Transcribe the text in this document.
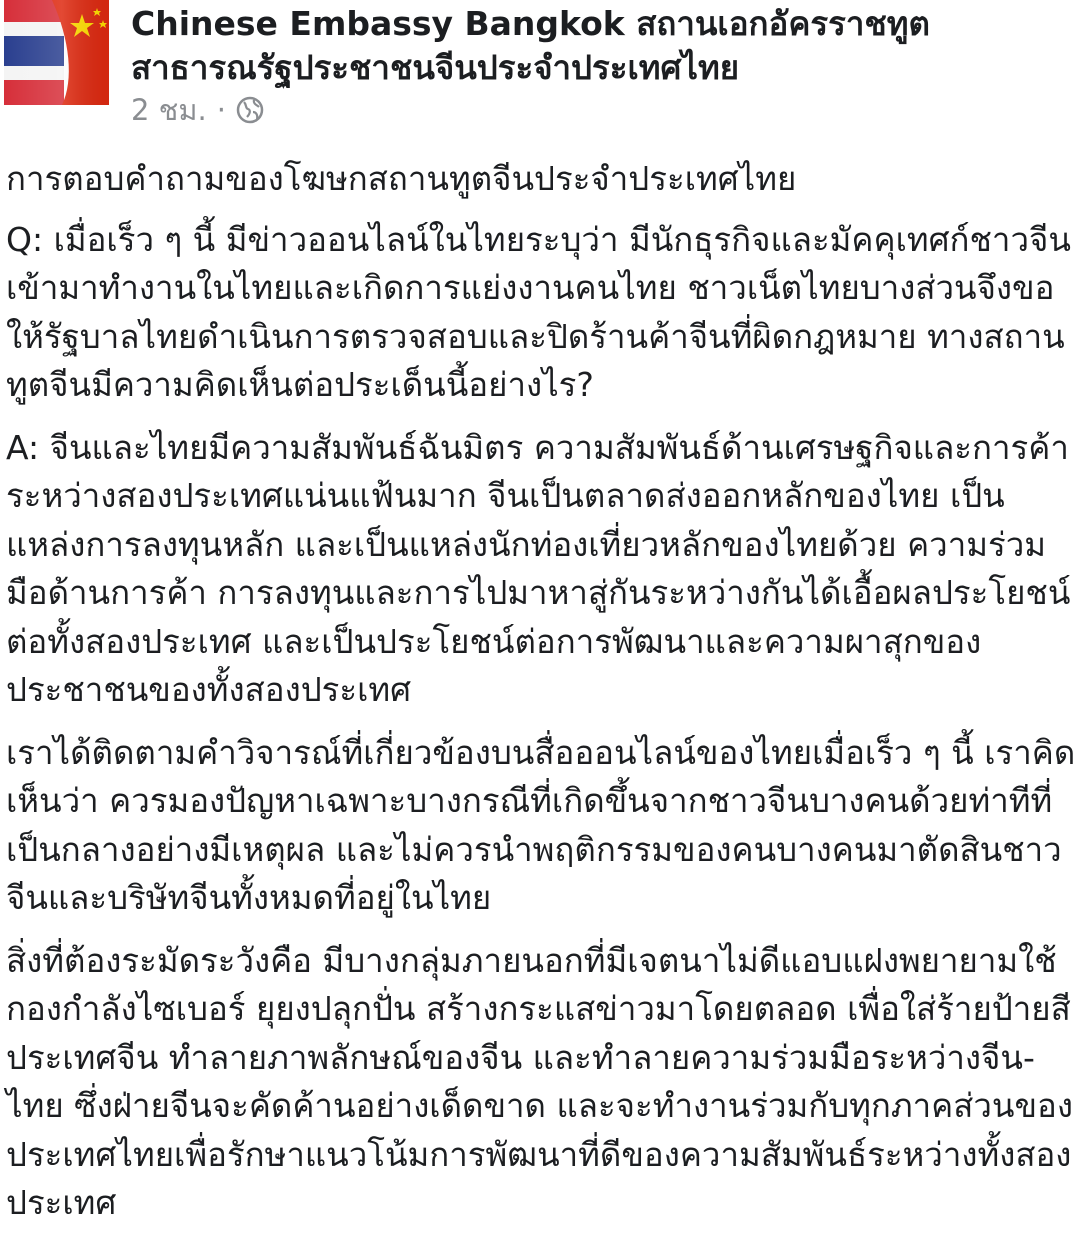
Chinese Embassy Bangkok สถานเอกอัครราชทูตสาธารณรัฐประชาชนจีนประจำประเทศไทย
2 ชม. ·

การตอบคำถามของโฆษกสถานทูตจีนประจำประเทศไทย

Q: เมื่อเร็ว ๆ นี้ มีข่าวออนไลน์ในไทยระบุว่า มีนักธุรกิจและมัคคุเทศก์ชาวจีนเข้ามาทำงานในไทยและเกิดการแย่งงานคนไทย ชาวเน็ตไทยบางส่วนจึงขอให้รัฐบาลไทยดำเนินการตรวจสอบและปิดร้านค้าจีนที่ผิดกฎหมาย ทางสถานทูตจีนมีความคิดเห็นต่อประเด็นนี้อย่างไร?

A: จีนและไทยมีความสัมพันธ์ฉันมิตร ความสัมพันธ์ด้านเศรษฐกิจและการค้าระหว่างสองประเทศแน่นแฟ้นมาก จีนเป็นตลาดส่งออกหลักของไทย เป็นแหล่งการลงทุนหลัก และเป็นแหล่งนักท่องเที่ยวหลักของไทยด้วย ความร่วมมือด้านการค้า การลงทุนและการไปมาหาสู่กันระหว่างกันได้เอื้อผลประโยชน์ต่อทั้งสองประเทศ และเป็นประโยชน์ต่อการพัฒนาและความผาสุกของประชาชนของทั้งสองประเทศ

เราได้ติดตามคำวิจารณ์ที่เกี่ยวข้องบนสื่อออนไลน์ของไทยเมื่อเร็ว ๆ นี้ เราคิดเห็นว่า ควรมองปัญหาเฉพาะบางกรณีที่เกิดขึ้นจากชาวจีนบางคนด้วยท่าทีที่เป็นกลางอย่างมีเหตุผล และไม่ควรนำพฤติกรรมของคนบางคนมาตัดสินชาวจีนและบริษัทจีนทั้งหมดที่อยู่ในไทย

สิ่งที่ต้องระมัดระวังคือ มีบางกลุ่มภายนอกที่มีเจตนาไม่ดีแอบแฝงพยายามใช้กองกำลังไซเบอร์ ยุยงปลุกปั่น สร้างกระแสข่าวมาโดยตลอด เพื่อใส่ร้ายป้ายสีประเทศจีน ทำลายภาพลักษณ์ของจีน และทำลายความร่วมมือระหว่างจีน-ไทย ซึ่งฝ่ายจีนจะคัดค้านอย่างเด็ดขาด และจะทำงานร่วมกับทุกภาคส่วนของประเทศไทยเพื่อรักษาแนวโน้มการพัฒนาที่ดีของความสัมพันธ์ระหว่างทั้งสองประเทศ
